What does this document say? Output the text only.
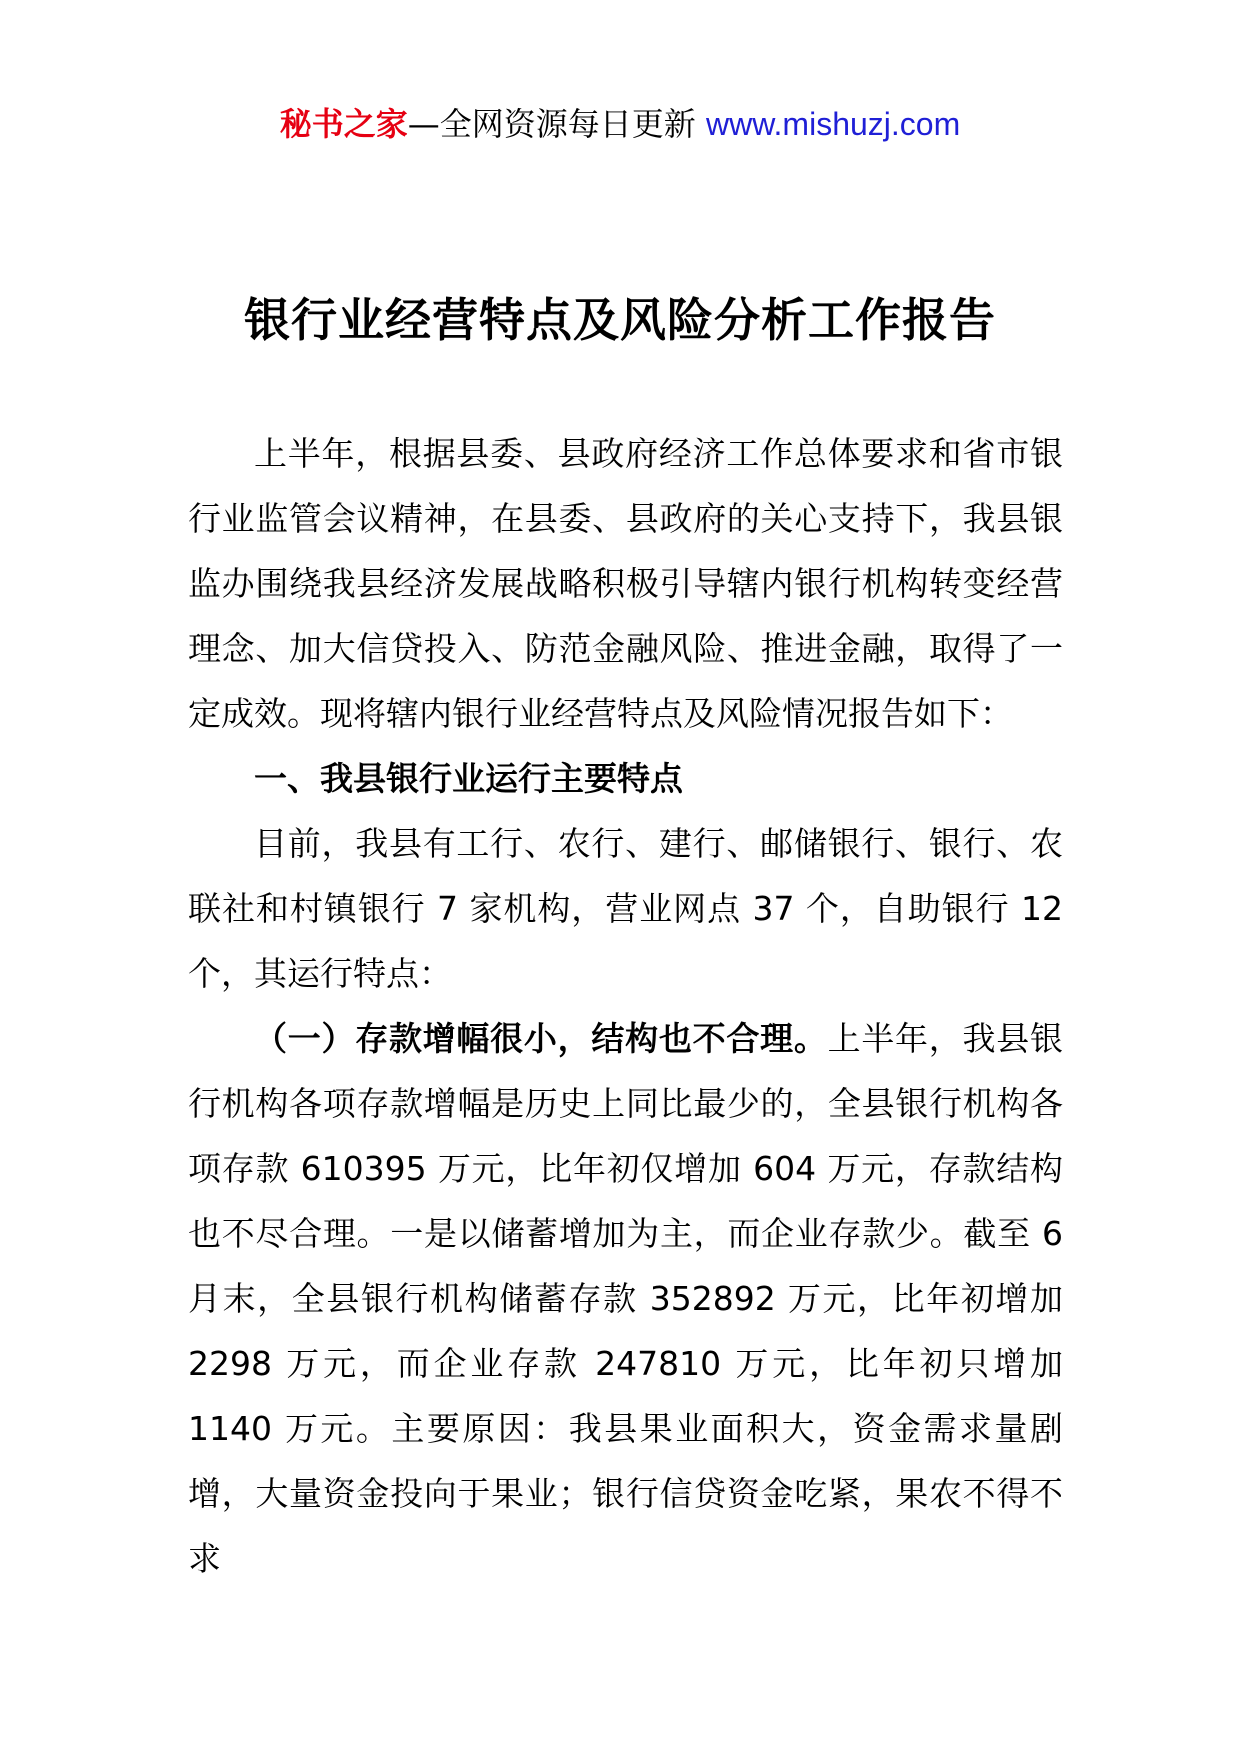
秘书之家—全网资源每日更新 www.mishuzj.com
银行业经营特点及风险分析工作报告

上半年，根据县委、县政府经济工作总体要求和省市银行业监管会议精神，在县委、县政府的关心支持下，我县银监办围绕我县经济发展战略积极引导辖内银行机构转变经营理念、加大信贷投入、防范金融风险、推进金融，取得了一定成效。现将辖内银行业经营特点及风险情况报告如下：

一、我县银行业运行主要特点

目前，我县有工行、农行、建行、邮储银行、银行、农联社和村镇银行 7 家机构，营业网点 37 个，自助银行 12 个，其运行特点：

（一）存款增幅很小，结构也不合理。上半年，我县银行机构各项存款增幅是历史上同比最少的，全县银行机构各项存款 610395 万元，比年初仅增加 604 万元，存款结构也不尽合理。一是以储蓄增加为主，而企业存款少。截至 6 月末，全县银行机构储蓄存款 352892 万元，比年初增加 2298 万元，而企业存款 247810 万元，比年初只增加 1140 万元。主要原因：我县果业面积大，资金需求量剧增，大量资金投向于果业；银行信贷资金吃紧，果农不得不求
